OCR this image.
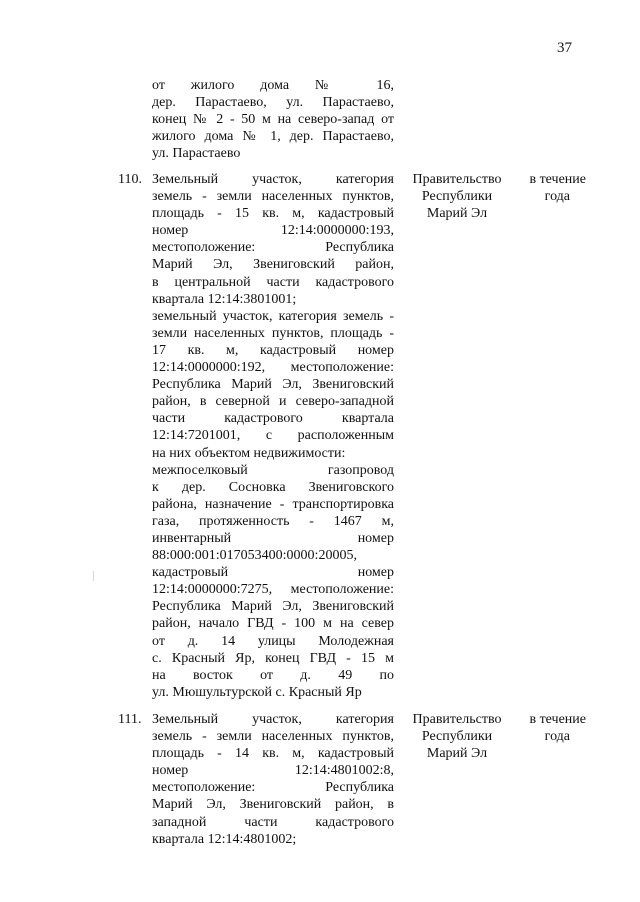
37
от жилого дома № 16,
дер. Парастаево, ул. Парастаево,
конец № 2 - 50 м на северо-запад от
жилого дома № 1, дер. Парастаево,
ул. Парастаево
110. Земельный участок, категория
земель - земли населенных пунктов,
площадь - 15 кв. м, кадастровый
номер 12:14:0000000:193,
местоположение: Республика
Марий Эл, Звениговский район,
в центральной части кадастрового
квартала 12:14:3801001;
земельный участок, категория земель -
земли населенных пунктов, площадь -
17 кв. м, кадастровый номер
12:14:0000000:192, местоположение:
Республика Марий Эл, Звениговский
район, в северной и северо-западной
части кадастрового квартала
12:14:7201001, с расположенным
на них объектом недвижимости:
межпоселковый газопровод
к дер. Сосновка Звениговского
района, назначение - транспортировка
газа, протяженность - 1467 м,
инвентарный номер
88:000:001:017053400:0000:20005,
кадастровый номер
12:14:0000000:7275, местоположение:
Республика Марий Эл, Звениговский
район, начало ГВД - 100 м на север
от д. 14 улицы Молодежная
с. Красный Яр, конец ГВД - 15 м
на восток от д. 49 по
ул. Мюшультурской с. Красный Яр
Правительство
Республики
Марий Эл
в течение
года
111. Земельный участок, категория
земель - земли населенных пунктов,
площадь - 14 кв. м, кадастровый
номер 12:14:4801002:8,
местоположение: Республика
Марий Эл, Звениговский район, в
западной части кадастрового
квартала 12:14:4801002;
Правительство
Республики
Марий Эл
в течение
года
